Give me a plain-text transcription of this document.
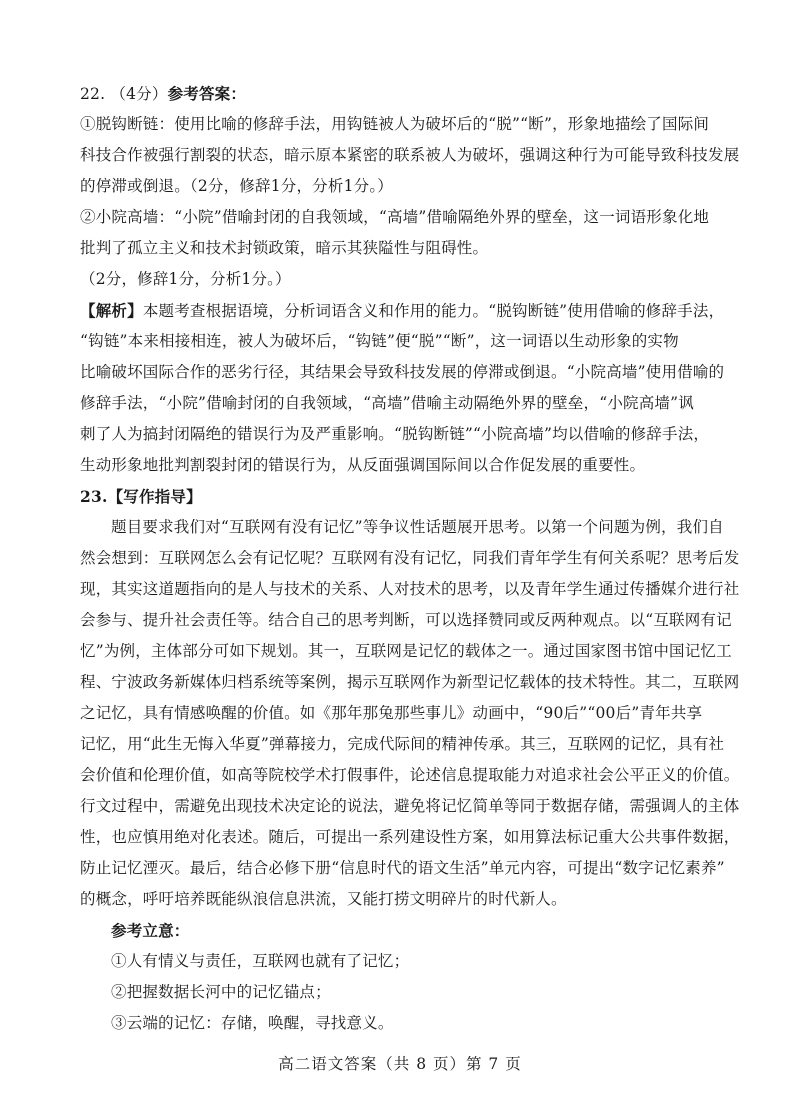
22. （4分）参考答案：
①脱钩断链：使用比喻的修辞手法，用钩链被人为破坏后的“脱”“断”，形象地描绘了国际间
科技合作被强行割裂的状态，暗示原本紧密的联系被人为破坏，强调这种行为可能导致科技发展
的停滞或倒退。（2分，修辞1分，分析1分。）
②小院高墙：“小院”借喻封闭的自我领域，“高墙”借喻隔绝外界的壁垒，这一词语形象化地
批判了孤立主义和技术封锁政策，暗示其狭隘性与阻碍性。
（2分，修辞1分，分析1分。）
【解析】本题考查根据语境，分析词语含义和作用的能力。“脱钩断链”使用借喻的修辞手法，
“钩链”本来相接相连，被人为破坏后，“钩链”便“脱”“断”，这一词语以生动形象的实物
比喻破坏国际合作的恶劣行径，其结果会导致科技发展的停滞或倒退。“小院高墙”使用借喻的
修辞手法，“小院”借喻封闭的自我领域，“高墙”借喻主动隔绝外界的壁垒，“小院高墙”讽
刺了人为搞封闭隔绝的错误行为及严重影响。“脱钩断链”“小院高墙”均以借喻的修辞手法，
生动形象地批判割裂封闭的错误行为，从反面强调国际间以合作促发展的重要性。
23.【写作指导】
题目要求我们对“互联网有没有记忆”等争议性话题展开思考。以第一个问题为例，我们自
然会想到：互联网怎么会有记忆呢？互联网有没有记忆，同我们青年学生有何关系呢？思考后发
现，其实这道题指向的是人与技术的关系、人对技术的思考，以及青年学生通过传播媒介进行社
会参与、提升社会责任等。结合自己的思考判断，可以选择赞同或反两种观点。以“互联网有记
忆”为例，主体部分可如下规划。其一，互联网是记忆的载体之一。通过国家图书馆中国记忆工
程、宁波政务新媒体归档系统等案例，揭示互联网作为新型记忆载体的技术特性。其二，互联网
之记忆，具有情感唤醒的价值。如《那年那兔那些事儿》动画中，“90后”“00后”青年共享
记忆，用“此生无悔入华夏”弹幕接力，完成代际间的精神传承。其三，互联网的记忆，具有社
会价值和伦理价值，如高等院校学术打假事件，论述信息提取能力对追求社会公平正义的价值。
行文过程中，需避免出现技术决定论的说法，避免将记忆简单等同于数据存储，需强调人的主体
性，也应慎用绝对化表述。随后，可提出一系列建设性方案，如用算法标记重大公共事件数据，
防止记忆湮灭。最后，结合必修下册“信息时代的语文生活”单元内容，可提出“数字记忆素养”
的概念，呼吁培养既能纵浪信息洪流，又能打捞文明碎片的时代新人。
参考立意：
①人有情义与责任，互联网也就有了记忆；
②把握数据长河中的记忆锚点；
③云端的记忆：存储，唤醒，寻找意义。
高二语文答案（共 8 页）第 7 页
